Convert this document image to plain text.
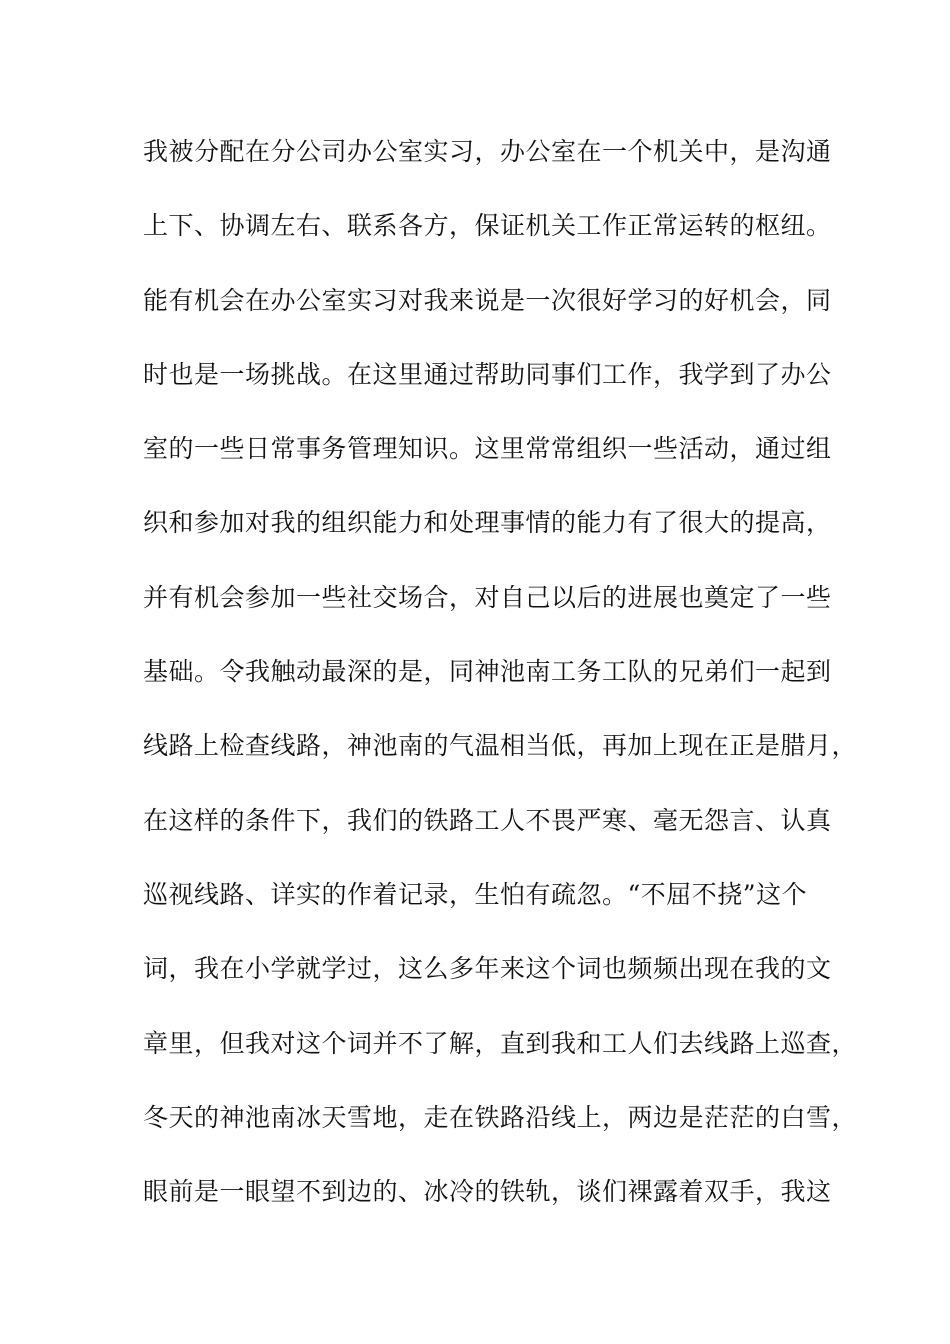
我被分配在分公司办公室实习，办公室在一个机关中，是沟通
上下、协调左右、联系各方，保证机关工作正常运转的枢纽。
能有机会在办公室实习对我来说是一次很好学习的好机会，同
时也是一场挑战。在这里通过帮助同事们工作，我学到了办公
室的一些日常事务管理知识。这里常常组织一些活动，通过组
织和参加对我的组织能力和处理事情的能力有了很大的提高，
并有机会参加一些社交场合，对自己以后的进展也奠定了一些
基础。令我触动最深的是，同神池南工务工队的兄弟们一起到
线路上检查线路，神池南的气温相当低，再加上现在正是腊月，
在这样的条件下，我们的铁路工人不畏严寒、毫无怨言、认真
巡视线路、详实的作着记录，生怕有疏忽。“不屈不挠”这个
词，我在小学就学过，这么多年来这个词也频频出现在我的文
章里，但我对这个词并不了解，直到我和工人们去线路上巡查，
冬天的神池南冰天雪地，走在铁路沿线上，两边是茫茫的白雪，
眼前是一眼望不到边的、冰冷的铁轨，谈们裸露着双手，我这
